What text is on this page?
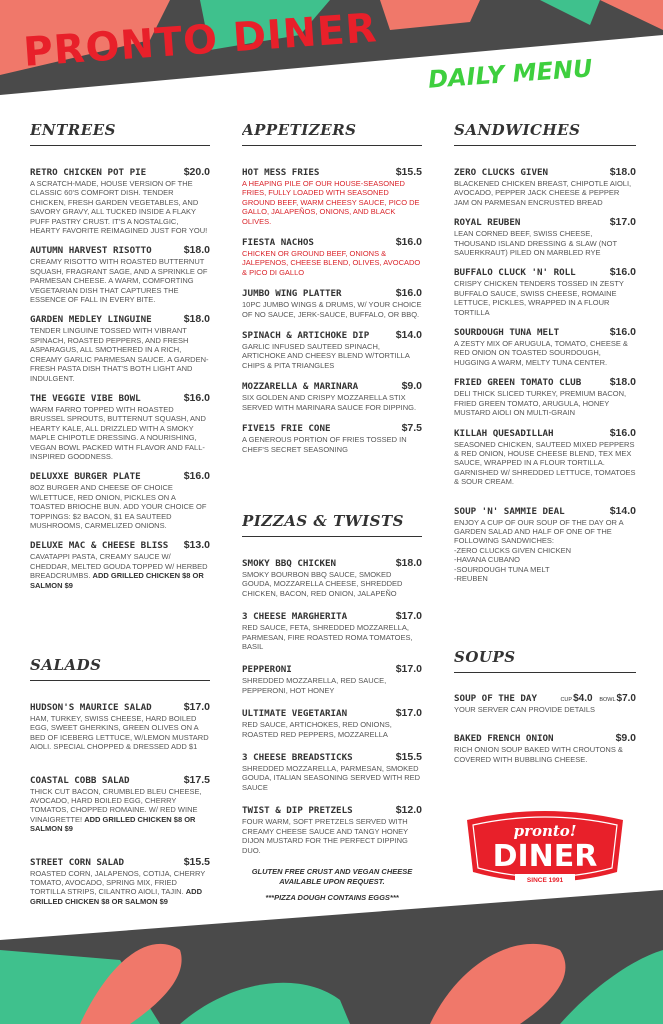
PRONTO DINER DAILY MENU
ENTREES
RETRO CHICKEN POT PIE	$20.0
A SCRATCH-MADE, HOUSE VERSION OF THE CLASSIC 60'S COMFORT DISH. TENDER CHICKEN, FRESH GARDEN VEGETABLES, AND SAVORY GRAVY, ALL TUCKED INSIDE A FLAKY PUFF PASTRY CRUST. IT'S A NOSTALGIC, HEARTY FAVORITE REIMAGINED JUST FOR YOU!
AUTUMN HARVEST RISOTTO	$18.0
CREAMY RISOTTO WITH ROASTED BUTTERNUT SQUASH, FRAGRANT SAGE, AND A SPRINKLE OF PARMESAN CHEESE. A WARM, COMFORTING VEGETARIAN DISH THAT CAPTURES THE ESSENCE OF FALL IN EVERY BITE.
GARDEN MEDLEY LINGUINE	$18.0
TENDER LINGUINE TOSSED WITH VIBRANT SPINACH, ROASTED PEPPERS, AND FRESH ASPARAGUS, ALL SMOTHERED IN A RICH, CREAMY GARLIC PARMESAN SAUCE. A GARDEN-FRESH PASTA DISH THAT'S BOTH LIGHT AND INDULGENT.
THE VEGGIE VIBE BOWL	$16.0
WARM FARRO TOPPED WITH ROASTED BRUSSEL SPROUTS, BUTTERNUT SQUASH, AND HEARTY KALE, ALL DRIZZLED WITH A SMOKY MAPLE CHIPOTLE DRESSING. A NOURISHING, VEGAN BOWL PACKED WITH FLAVOR AND FALL-INSPIRED GOODNESS.
DELUXXE BURGER PLATE	$16.0
8OZ BURGER AND CHEESE OF CHOICE W/LETTUCE, RED ONION, PICKLES ON A TOASTED BRIOCHE BUN. ADD YOUR CHOICE OF TOPPINGS: $2 BACON, $1 EA SAUTEED MUSHROOMS, CARMELIZED ONIONS.
DELUXE MAC & CHEESE BLISS $13.0
CAVATAPPI PASTA, CREAMY SAUCE W/ CHEDDAR, MELTED GOUDA TOPPED W/ HERBED BREADCRUMBS. ADD GRILLED CHICKEN $8 OR SALMON $9
SALADS
HUDSON'S MAURICE SALAD	$17.0
HAM, TURKEY, SWISS CHEESE, HARD BOILED EGG, SWEET GHERKINS, GREEN OLIVES ON A BED OF ICEBERG LETTUCE, W/LEMON MUSTARD AIOLI. SPECIAL CHOPPED & DRESSED ADD $1
COASTAL COBB SALAD	$17.5
THICK CUT BACON, CRUMBLED BLEU CHEESE, AVOCADO, HARD BOILED EGG, CHERRY TOMATOS, CHOPPED ROMAINE. W/ RED WINE VINAIGRETTE! ADD GRILLED CHICKEN $8 OR SALMON $9
STREET CORN SALAD	$15.5
ROASTED CORN, JALAPENOS, COTIJA, CHERRY TOMATO, AVOCADO, SPRING MIX, FRIED TORTILLA STRIPS, CILANTRO AIOLI, TAJIN. ADD GRILLED CHICKEN $8 OR SALMON $9
APPETIZERS
HOT MESS FRIES	$15.5
A HEAPING PILE OF OUR HOUSE-SEASONED FRIES, FULLY LOADED WITH SEASONED GROUND BEEF, WARM CHEESY SAUCE, PICO DE GALLO, JALAPEÑOS, ONIONS, AND BLACK OLIVES.
FIESTA NACHOS	$16.0
CHICKEN OR GROUND BEEF, ONIONS & JALEPENOS, CHEESE BLEND, OLIVES, AVOCADO & PICO DI GALLO
JUMBO WING PLATTER	$16.0
10PC JUMBO WINGS & DRUMS, W/ YOUR CHOICE OF NO SAUCE, JERK-SAUCE, BUFFALO, OR BBQ.
SPINACH & ARTICHOKE DIP	$14.0
GARLIC INFUSED SAUTEED SPINACH, ARTICHOKE AND CHEESY BLEND W/TORTILLA CHIPS & PITA TRIANGLES
MOZZARELLA & MARINARA	$9.0
SIX GOLDEN AND CRISPY MOZZARELLA STIX SERVED WITH MARINARA SAUCE FOR DIPPING.
FIVE15 FRIE CONE	$7.5
A GENEROUS PORTION OF FRIES TOSSED IN CHEF'S SECRET SEASONING
PIZZAS & TWISTS
SMOKY BBQ CHICKEN	$18.0
SMOKY BOURBON BBQ SAUCE, SMOKED GOUDA, MOZZARELLA CHEESE, SHREDDED CHICKEN, BACON, RED ONION, JALAPEÑO
3 CHEESE MARGHERITA	$17.0
RED SAUCE, FETA, SHREDDED MOZZARELLA, PARMESAN, FIRE ROASTED ROMA TOMATOES, BASIL
PEPPERONI	$17.0
SHREDDED MOZZARELLA, RED SAUCE, PEPPERONI, HOT HONEY
ULTIMATE VEGETARIAN	$17.0
RED SAUCE, ARTICHOKES, RED ONIONS, ROASTED RED PEPPERS, MOZZARELLA
3 CHEESE BREADSTICKS	$15.5
SHREDDED MOZZARELLA, PARMESAN, SMOKED GOUDA, ITALIAN SEASONING SERVED WITH RED SAUCE
TWIST & DIP PRETZELS	$12.0
FOUR WARM, SOFT PRETZELS SERVED WITH CREAMY CHEESE SAUCE AND TANGY HONEY DIJON MUSTARD FOR THE PERFECT DIPPING DUO.
GLUTEN FREE CRUST AND VEGAN CHEESE AVAILABLE UPON REQUEST.
***PIZZA DOUGH CONTAINS EGGS***
SANDWICHES
ZERO CLUCKS GIVEN	$18.0
BLACKENED CHICKEN BREAST, CHIPOTLE AIOLI, AVOCADO, PEPPER JACK CHEESE & PEPPER JAM ON PARMESAN ENCRUSTED BREAD
ROYAL REUBEN	$17.0
LEAN CORNED BEEF, SWISS CHEESE, THOUSAND ISLAND DRESSING & SLAW (NOT SAUERKRAUT) PILED ON MARBLED RYE
BUFFALO CLUCK 'N' ROLL	$16.0
CRISPY CHICKEN TENDERS TOSSED IN ZESTY BUFFALO SAUCE, SWISS CHEESE, ROMAINE LETTUCE, PICKLES, WRAPPED IN A FLOUR TORTILLA
SOURDOUGH TUNA MELT	$16.0
A ZESTY MIX OF ARUGULA, TOMATO, CHEESE & RED ONION ON TOASTED SOURDOUGH, HUGGING A WARM, MELTY TUNA CENTER.
FRIED GREEN TOMATO CLUB	$18.0
DELI THICK SLICED TURKEY, PREMIUM BACON, FRIED GREEN TOMATO, ARUGULA, HONEY MUSTARD AIOLI ON MULTI-GRAIN
KILLAH QUESADILLAH	$16.0
SEASONED CHICKEN, SAUTEED MIXED PEPPERS & RED ONION, HOUSE CHEESE BLEND, TEX MEX SAUCE, WRAPPED IN A FLOUR TORTILLA. GARNISHED W/ SHREDDED LETTUCE, TOMATOES & SOUR CREAM.
SOUP 'N' SAMMIE DEAL	$14.0
ENJOY A CUP OF OUR SOUP OF THE DAY OR A GARDEN SALAD AND HALF OF ONE OF THE FOLLOWING SANDWICHES:
-ZERO CLUCKS GIVEN CHICKEN
-HAVANA CUBANO
-SOURDOUGH TUNA MELT
-REUBEN
SOUPS
SOUP OF THE DAY	CUP$4.0 BOWL$7.0
YOUR SERVER CAN PROVIDE DETAILS
BAKED FRENCH ONION	$9.0
RICH ONION SOUP BAKED WITH CROUTONS & COVERED WITH BUBBLING CHEESE.
pronto!
DINER
SINCE 1991
